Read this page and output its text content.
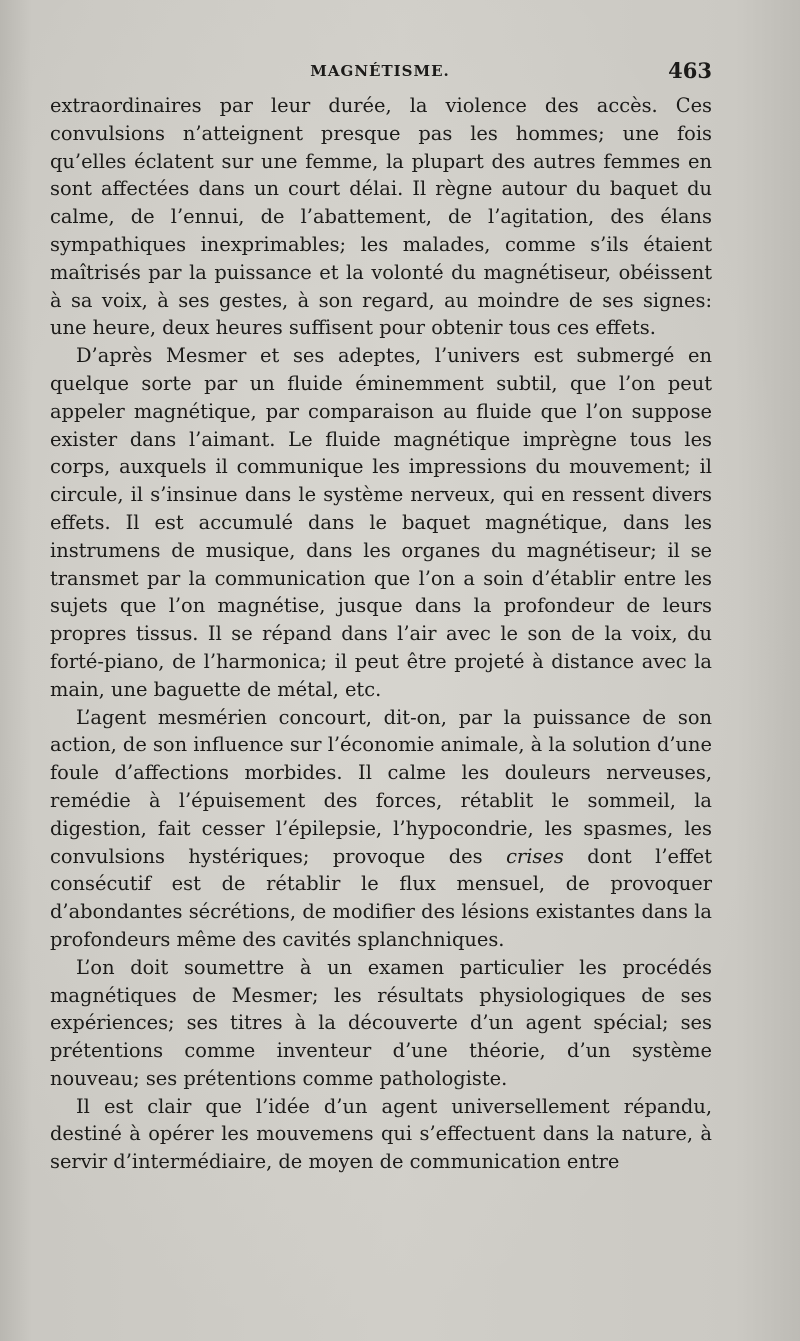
MAGNÉTISME.	463

extraordinaires par leur durée, la violence des accès. Ces convulsions n’atteignent presque pas les hommes; une fois qu’elles éclatent sur une femme, la plupart des autres femmes en sont affectées dans un court délai. Il règne autour du baquet du calme, de l’ennui, de l’abattement, de l’agitation, des élans sympathiques inexprimables; les malades, comme s’ils étaient maîtrisés par la puissance et la volonté du magnétiseur, obéissent à sa voix, à ses gestes, à son regard, au moindre de ses signes: une heure, deux heures suffisent pour obtenir tous ces effets.

D’après Mesmer et ses adeptes, l’univers est submergé en quelque sorte par un fluide éminemment subtil, que l’on peut appeler magnétique, par comparaison au fluide que l’on suppose exister dans l’aimant. Le fluide magnétique imprègne tous les corps, auxquels il communique les impressions du mouvement; il circule, il s’insinue dans le système nerveux, qui en ressent divers effets. Il est accumulé dans le baquet magnétique, dans les instrumens de musique, dans les organes du magnétiseur; il se transmet par la communication que l’on a soin d’établir entre les sujets que l’on magnétise, jusque dans la profondeur de leurs propres tissus. Il se répand dans l’air avec le son de la voix, du forté-piano, de l’harmonica; il peut être projeté à distance avec la main, une baguette de métal, etc.

L’agent mesmérien concourt, dit-on, par la puissance de son action, de son influence sur l’économie animale, à la solution d’une foule d’affections morbides. Il calme les douleurs nerveuses, remédie à l’épuisement des forces, rétablit le sommeil, la digestion, fait cesser l’épilepsie, l’hypocondrie, les spasmes, les convulsions hystériques; provoque des crises dont l’effet consécutif est de rétablir le flux mensuel, de provoquer d’abondantes sécrétions, de modifier des lésions existantes dans la profondeurs même des cavités splanchniques.

L’on doit soumettre à un examen particulier les procédés magnétiques de Mesmer; les résultats physiologiques de ses expériences; ses titres à la découverte d’un agent spécial; ses prétentions comme inventeur d’une théorie, d’un système nouveau; ses prétentions comme pathologiste.

Il est clair que l’idée d’un agent universellement répandu, destiné à opérer les mouvemens qui s’effectuent dans la nature, à servir d’intermédiaire, de moyen de communication entre
